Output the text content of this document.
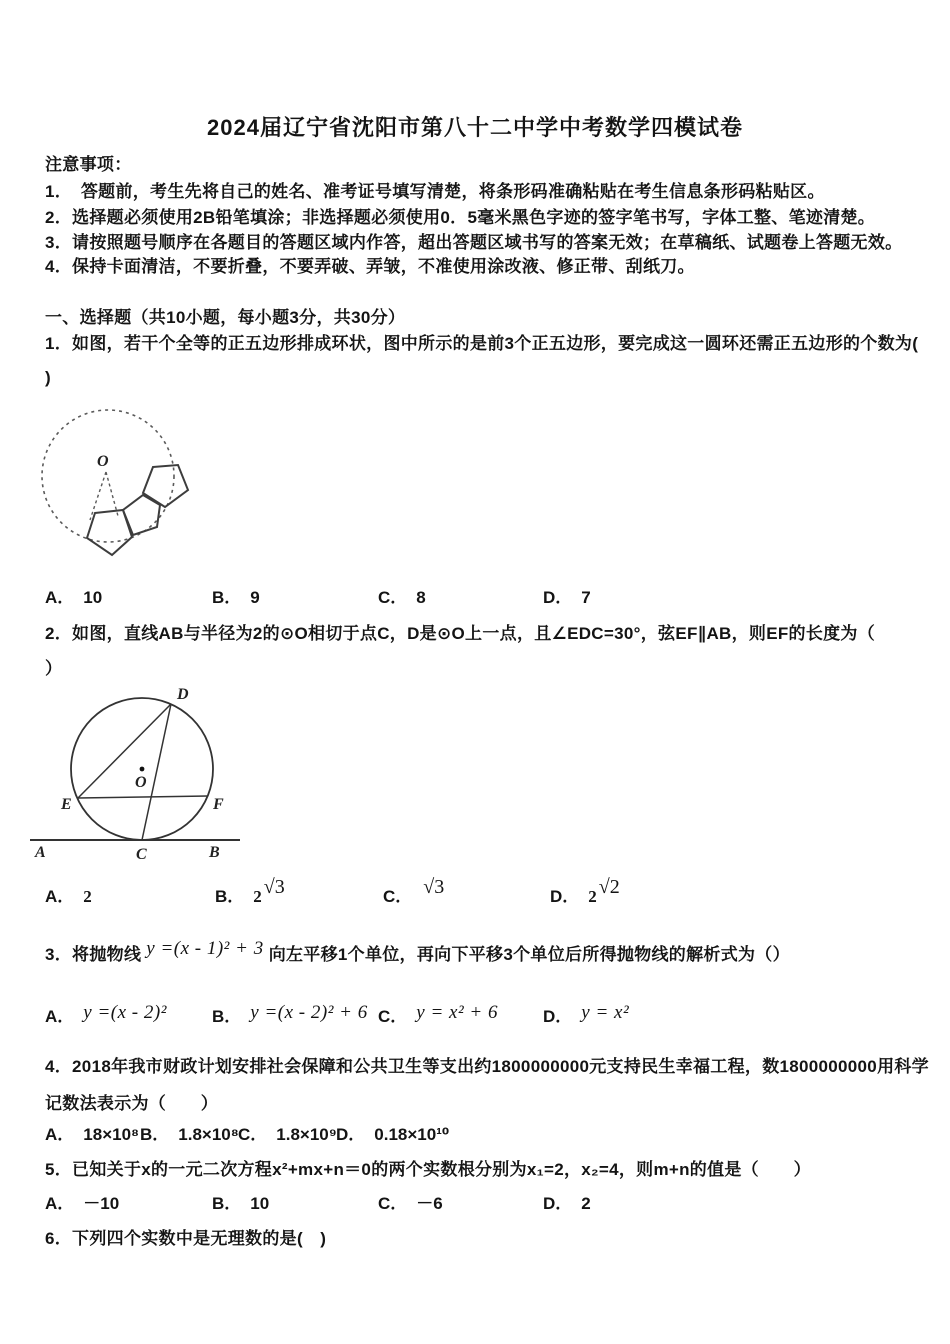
2024届辽宁省沈阳市第八十二中学中考数学四模试卷
注意事项：
1．　答题前，考生先将自己的姓名、准考证号填写清楚，将条形码准确粘贴在考生信息条形码粘贴区。
2．选择题必须使用2B铅笔填涂；非选择题必须使用0．5毫米黑色字迹的签字笔书写，字体工整、笔迹清楚。
3．请按照题号顺序在各题目的答题区域内作答，超出答题区域书写的答案无效；在草稿纸、试题卷上答题无效。
4．保持卡面清洁，不要折叠，不要弄破、弄皱，不准使用涂改液、修正带、刮纸刀。
一、选择题（共10小题，每小题3分，共30分）
1．如图，若干个全等的正五边形排成环状，图中所示的是前3个正五边形，要完成这一圆环还需正五边形的个数为(
)
O
A． 10	B． 9	C． 8	D． 7
2．如图，直线AB与半径为2的⊙O相切于点C，D是⊙O上一点，且∠EDC=30°，弦EF∥AB，则EF的长度为（
）
D
O
E	F
A	C	B
A． 2	B． 2 √3	C． √3	D． 2 √2
3．将抛物线 y =(x - 1)² + 3 向左平移1个单位，再向下平移3个单位后所得抛物线的解析式为（）
A． y =(x - 2)²	B． y =(x - 2)² + 6 C． y = x² + 6	D． y = x²
4．2018年我市财政计划安排社会保障和公共卫生等支出约1800000000元支持民生幸福工程，数1800000000用科学
记数法表示为（　　）
A． 18×10⁸ B． 1.8×10⁸ C． 1.8×10⁹ D． 0.18×10¹⁰
5．已知关于x的一元二次方程x²+mx+n＝0的两个实数根分别为x₁=2，x₂=4，则m+n的值是（　　）
A． －10	B． 10	C． －6	D． 2
6．下列四个实数中是无理数的是(　)
